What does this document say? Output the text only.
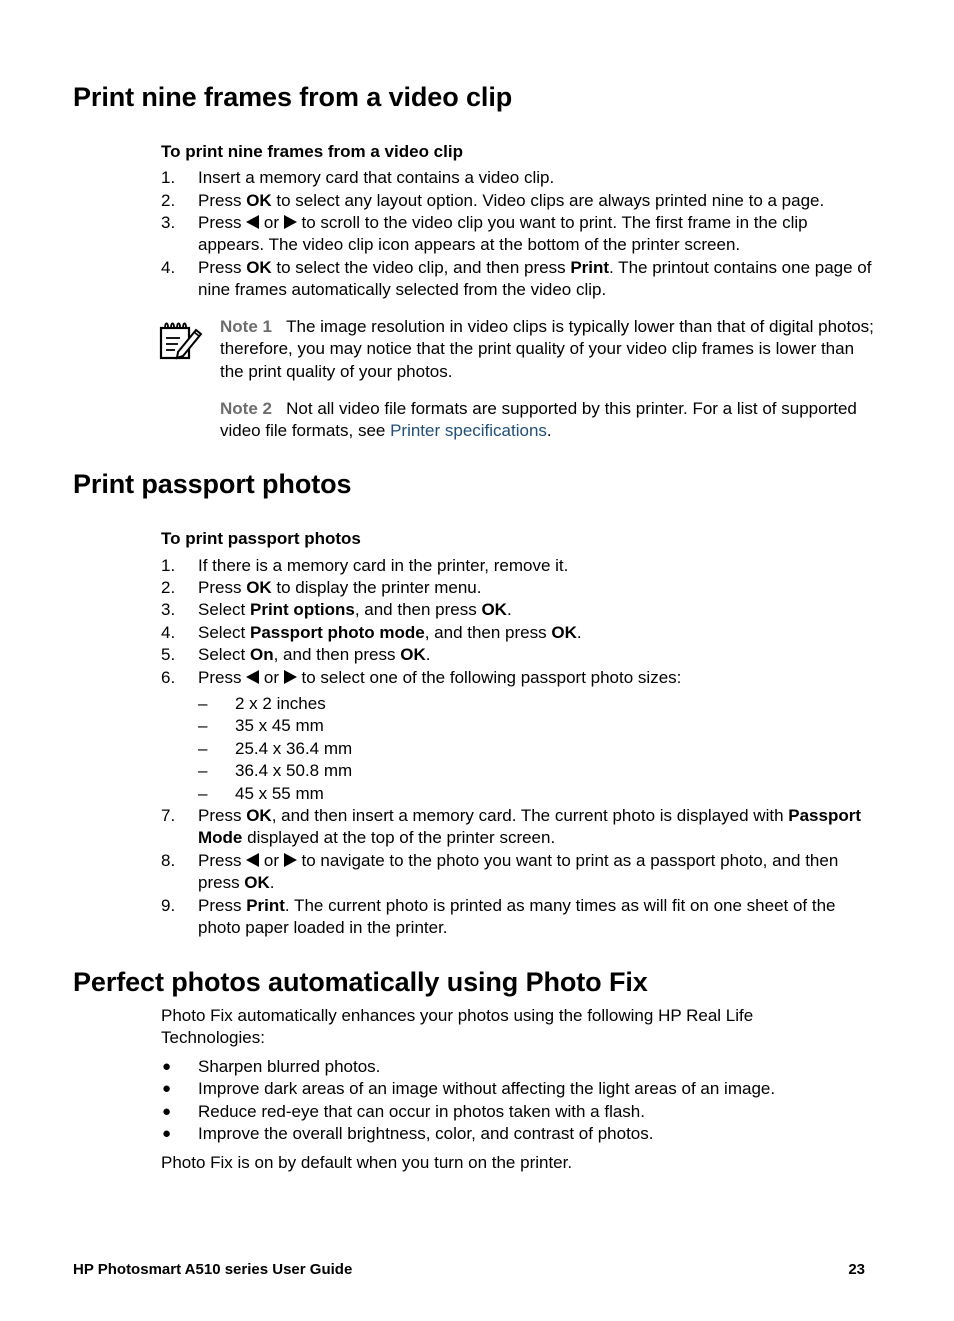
Print nine frames from a video clip
To print nine frames from a video clip
1.	Insert a memory card that contains a video clip.
2.	Press OK to select any layout option. Video clips are always printed nine to a page.
3.	Press  or  to scroll to the video clip you want to print. The first frame in the clip appears. The video clip icon appears at the bottom of the printer screen.
4.	Press OK to select the video clip, and then press Print. The printout contains one page of nine frames automatically selected from the video clip.
Note 1 The image resolution in video clips is typically lower than that of digital photos; therefore, you may notice that the print quality of your video clip frames is lower than the print quality of your photos.
Note 2 Not all video file formats are supported by this printer. For a list of supported video file formats, see Printer specifications.
Print passport photos
To print passport photos
1.	If there is a memory card in the printer, remove it.
2.	Press OK to display the printer menu.
3.	Select Print options, and then press OK.
4.	Select Passport photo mode, and then press OK.
5.	Select On, and then press OK.
6.	Press  or  to select one of the following passport photo sizes:
– 2 x 2 inches
– 35 x 45 mm
– 25.4 x 36.4 mm
– 36.4 x 50.8 mm
– 45 x 55 mm
7.	Press OK, and then insert a memory card. The current photo is displayed with Passport Mode displayed at the top of the printer screen.
8.	Press  or  to navigate to the photo you want to print as a passport photo, and then press OK.
9.	Press Print. The current photo is printed as many times as will fit on one sheet of the photo paper loaded in the printer.
Perfect photos automatically using Photo Fix
Photo Fix automatically enhances your photos using the following HP Real Life Technologies:
● Sharpen blurred photos.
● Improve dark areas of an image without affecting the light areas of an image.
● Reduce red-eye that can occur in photos taken with a flash.
● Improve the overall brightness, color, and contrast of photos.
Photo Fix is on by default when you turn on the printer.
HP Photosmart A510 series User Guide	23
